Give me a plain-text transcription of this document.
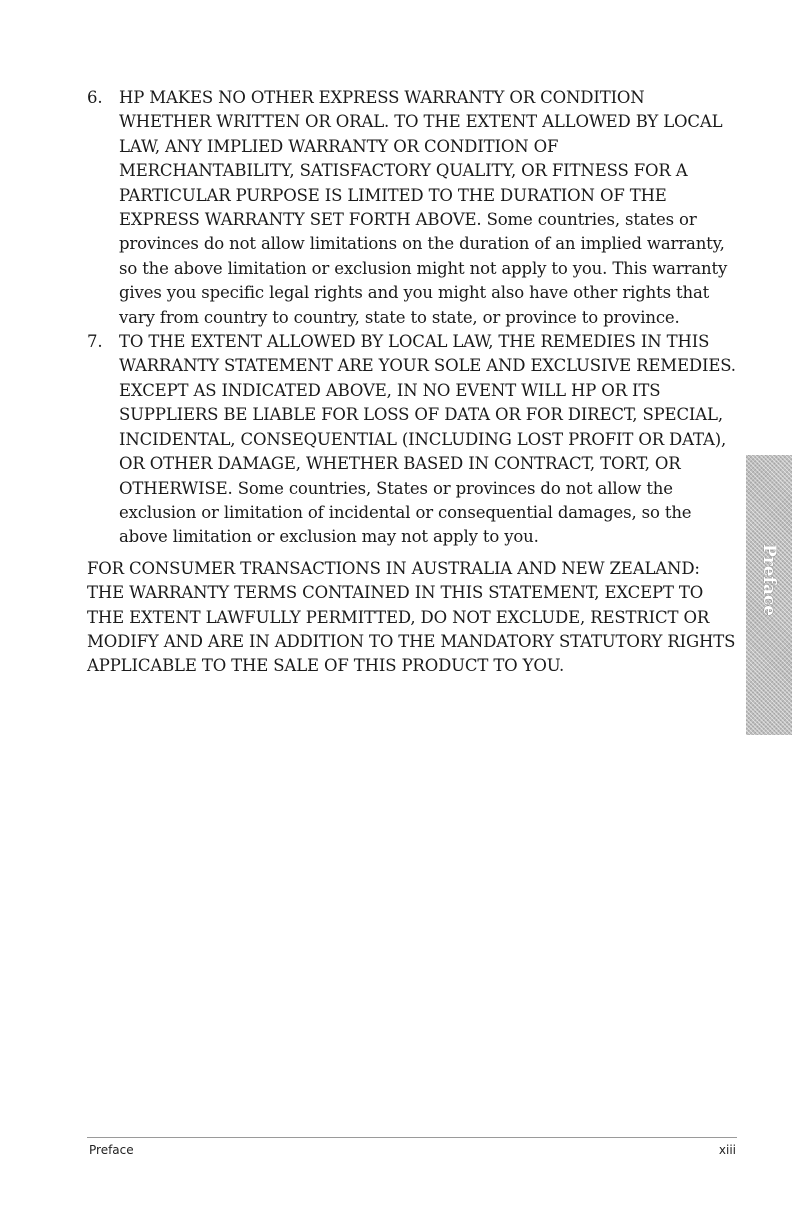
6. HP MAKES NO OTHER EXPRESS WARRANTY OR CONDITION WHETHER WRITTEN OR ORAL. TO THE EXTENT ALLOWED BY LOCAL LAW, ANY IMPLIED WARRANTY OR CONDITION OF MERCHANTABILITY, SATISFACTORY QUALITY, OR FITNESS FOR A PARTICULAR PURPOSE IS LIMITED TO THE DURATION OF THE EXPRESS WARRANTY SET FORTH ABOVE. Some countries, states or provinces do not allow limitations on the duration of an implied warranty, so the above limitation or exclusion might not apply to you. This warranty gives you specific legal rights and you might also have other rights that vary from country to country, state to state, or province to province.
7. TO THE EXTENT ALLOWED BY LOCAL LAW, THE REMEDIES IN THIS WARRANTY STATEMENT ARE YOUR SOLE AND EXCLUSIVE REMEDIES. EXCEPT AS INDICATED ABOVE, IN NO EVENT WILL HP OR ITS SUPPLIERS BE LIABLE FOR LOSS OF DATA OR FOR DIRECT, SPECIAL, INCIDENTAL, CONSEQUENTIAL (INCLUDING LOST PROFIT OR DATA), OR OTHER DAMAGE, WHETHER BASED IN CONTRACT, TORT, OR OTHERWISE. Some countries, States or provinces do not allow the exclusion or limitation of incidental or consequential damages, so the above limitation or exclusion may not apply to you.

FOR CONSUMER TRANSACTIONS IN AUSTRALIA AND NEW ZEALAND: THE WARRANTY TERMS CONTAINED IN THIS STATEMENT, EXCEPT TO THE EXTENT LAWFULLY PERMITTED, DO NOT EXCLUDE, RESTRICT OR MODIFY AND ARE IN ADDITION TO THE MANDATORY STATUTORY RIGHTS APPLICABLE TO THE SALE OF THIS PRODUCT TO YOU.

Preface
Preface	xiii
